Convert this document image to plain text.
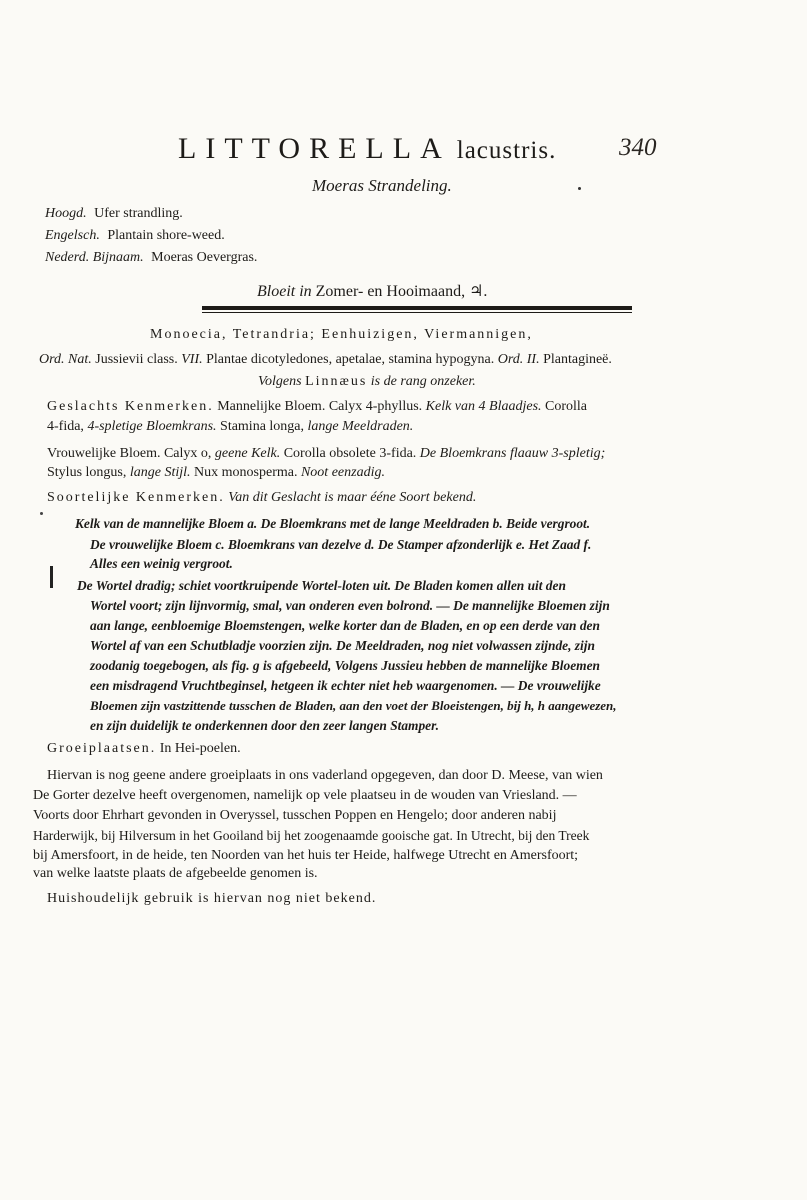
LITTORELLA lacustris.	340
Moeras Strandeling.
Hoogd. Ufer strandling.
Engelsch. Plantain shore-weed.
Nederd. Bijnaam. Moeras Oevergras.
Bloeit in Zomer- en Hooimaand, ♃.
Monoecia, Tetrandria; Eenhuizigen, Viermannigen,
Ord. Nat. Jussievii class. VII. Plantae dicotyledones, apetalae, stamina hypogyna. Ord. II. Plantagineë.
Volgens Linnæus is de rang onzeker.
Geslachts Kenmerken. Mannelijke Bloem. Calyx 4-phyllus. Kelk van 4 Blaadjes. Corolla
4-fida, 4-spletige Bloemkrans. Stamina longa, lange Meeldraden.
Vrouwelijke Bloem. Calyx o, geene Kelk. Corolla obsolete 3-fida. De Bloemkrans flaauw 3-spletig;
Stylus longus, lange Stijl. Nux monosperma. Noot eenzadig.
Soortelijke Kenmerken. Van dit Geslacht is maar ééne Soort bekend.
Kelk van de mannelijke Bloem a. De Bloemkrans met de lange Meeldraden b. Beide vergroot.
De vrouwelijke Bloem c. Bloemkrans van dezelve d. De Stamper afzonderlijk e. Het Zaad f.
Alles een weinig vergroot.
De Wortel dradig; schiet voortkruipende Wortel-loten uit. De Bladen komen allen uit den
Wortel voort; zijn lijnvormig, smal, van onderen even bolrond. — De mannelijke Bloemen zijn
aan lange, eenbloemige Bloemstengen, welke korter dan de Bladen, en op een derde van den
Wortel af van een Schutbladje voorzien zijn. De Meeldraden, nog niet volwassen zijnde, zijn
zoodanig toegebogen, als fig. g is afgebeeld, Volgens Jussieu hebben de mannelijke Bloemen
een misdragend Vruchtbeginsel, hetgeen ik echter niet heb waargenomen. — De vrouwelijke
Bloemen zijn vastzittende tusschen de Bladen, aan den voet der Bloeistengen, bij h, h aangewezen,
en zijn duidelijk te onderkennen door den zeer langen Stamper.
Groeiplaatsen. In Hei-poelen.
Hiervan is nog geene andere groeiplaats in ons vaderland opgegeven, dan door D. Meese, van wien
De Gorter dezelve heeft overgenomen, namelijk op vele plaatseu in de wouden van Vriesland. —
Voorts door Ehrhart gevonden in Overyssel, tusschen Poppen en Hengelo; door anderen nabij
Harderwijk, bij Hilversum in het Gooiland bij het zoogenaamde gooische gat. In Utrecht, bij den Treek
bij Amersfoort, in de heide, ten Noorden van het huis ter Heide, halfwege Utrecht en Amersfoort;
van welke laatste plaats de afgebeelde genomen is.
Huishoudelijk gebruik is hiervan nog niet bekend.
